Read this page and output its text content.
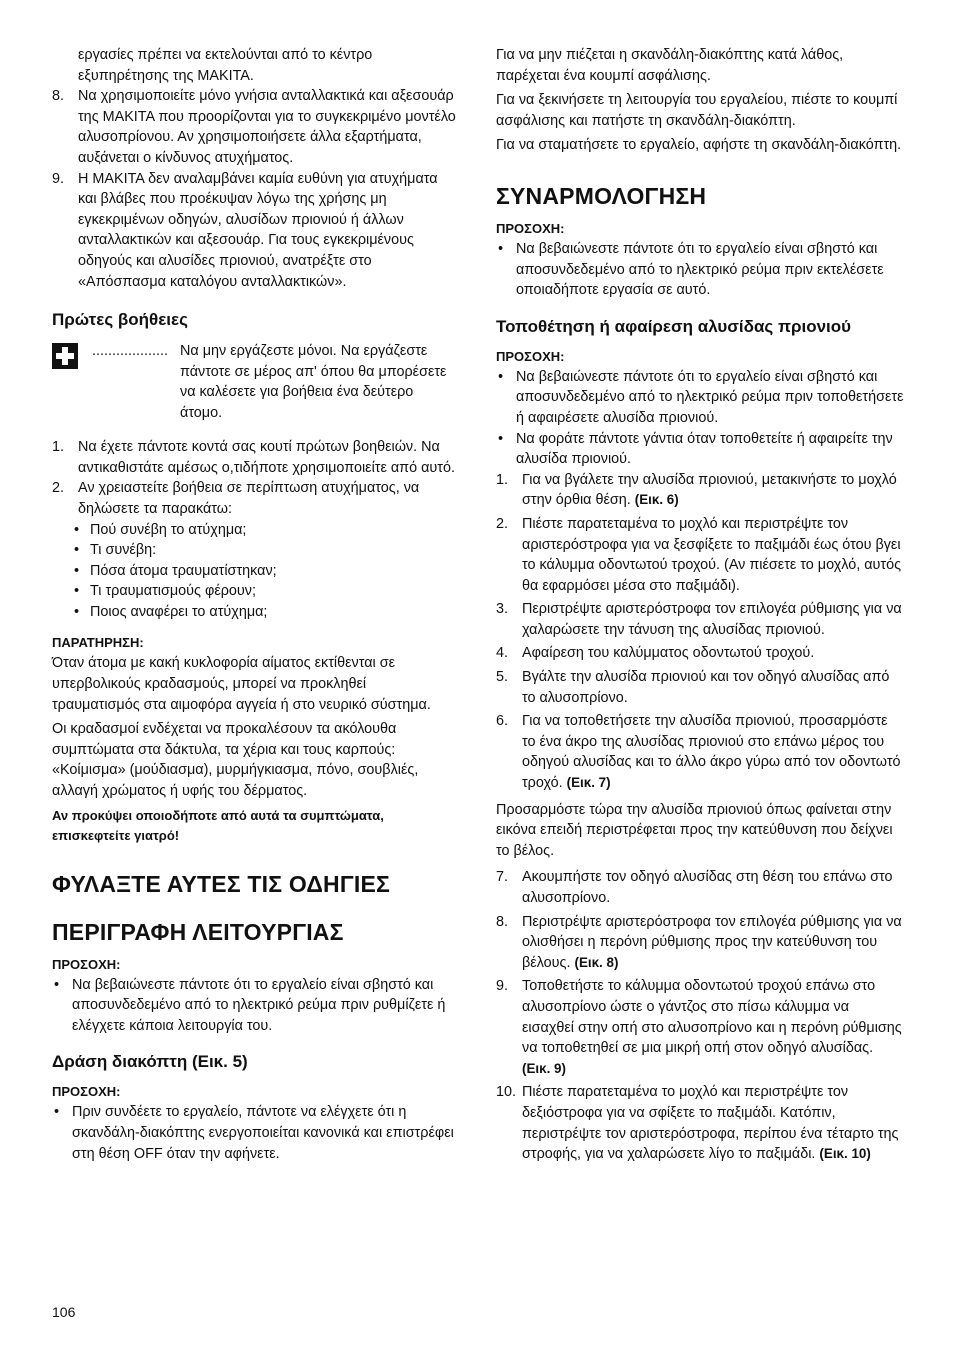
εργασίες πρέπει να εκτελούνται από το κέντρο εξυπηρέτησης της MAKITA.

8. Να χρησιμοποιείτε μόνο γνήσια ανταλλακτικά και αξεσουάρ της MAKITA που προορίζονται για το συγκεκριμένο μοντέλο αλυσοπρίονου. Αν χρησιμοποιήσετε άλλα εξαρτήματα, αυξάνεται ο κίνδυνος ατυχήματος.
9. Η MAKITA δεν αναλαμβάνει καμία ευθύνη για ατυχήματα και βλάβες που προέκυψαν λόγω της χρήσης μη εγκεκριμένων οδηγών, αλυσίδων πριονιού ή άλλων ανταλλακτικών και αξεσουάρ. Για τους εγκεκριμένους οδηγούς και αλυσίδες πριονιού, ανατρέξτε στο «Απόσπασμα καταλόγου ανταλλακτικών».
Πρώτες βοήθειες
................... Να μην εργάζεστε μόνοι. Να εργάζεστε πάντοτε σε μέρος απ' όπου θα μπορέσετε να καλέσετε για βοήθεια ένα δεύτερο άτομο.
1. Να έχετε πάντοτε κοντά σας κουτί πρώτων βοηθειών. Να αντικαθιστάτε αμέσως ο,τιδήποτε χρησιμοποιείτε από αυτό.
2. Αν χρειαστείτε βοήθεια σε περίπτωση ατυχήματος, να δηλώσετε τα παρακάτω:
• Πού συνέβη το ατύχημα;
• Τι συνέβη:
• Πόσα άτομα τραυματίστηκαν;
• Τι τραυματισμούς φέρουν;
• Ποιος αναφέρει το ατύχημα;
ΠΑΡΑΤΗΡΗΣΗ:

Όταν άτομα με κακή κυκλοφορία αίματος εκτίθενται σε υπερβολικούς κραδασμούς, μπορεί να προκληθεί τραυματισμός στα αιμοφόρα αγγεία ή στο νευρικό σύστημα.

Οι κραδασμοί ενδέχεται να προκαλέσουν τα ακόλουθα συμπτώματα στα δάκτυλα, τα χέρια και τους καρπούς: «Κοίμισμα» (μούδιασμα), μυρμήγκιασμα, πόνο, σουβλιές, αλλαγή χρώματος ή υφής του δέρματος.

Αν προκύψει οποιοδήποτε από αυτά τα συμπτώματα, επισκεφτείτε γιατρό!

ΦΥΛΑΞΤΕ ΑΥΤΕΣ ΤΙΣ ΟΔΗΓΙΕΣ
ΠΕΡΙΓΡΑΦΗ ΛΕΙΤΟΥΡΓΙΑΣ
ΠΡΟΣΟΧΗ:
• Να βεβαιώνεστε πάντοτε ότι το εργαλείο είναι σβηστό και αποσυνδεδεμένο από το ηλεκτρικό ρεύμα πριν ρυθμίζετε ή ελέγχετε κάποια λειτουργία του.
Δράση διακόπτη (Εικ. 5)
ΠΡΟΣΟΧΗ:
• Πριν συνδέετε το εργαλείο, πάντοτε να ελέγχετε ότι η σκανδάλη-διακόπτης ενεργοποιείται κανονικά και επιστρέφει στη θέση OFF όταν την αφήνετε.

Για να μην πιέζεται η σκανδάλη-διακόπτης κατά λάθος, παρέχεται ένα κουμπί ασφάλισης.

Για να ξεκινήσετε τη λειτουργία του εργαλείου, πιέστε το κουμπί ασφάλισης και πατήστε τη σκανδάλη-διακόπτη.

Για να σταματήσετε το εργαλείο, αφήστε τη σκανδάλη-διακόπτη.

ΣΥΝΑΡΜΟΛΟΓΗΣΗ
ΠΡΟΣΟΧΗ:
• Να βεβαιώνεστε πάντοτε ότι το εργαλείο είναι σβηστό και αποσυνδεδεμένο από το ηλεκτρικό ρεύμα πριν εκτελέσετε οποιαδήποτε εργασία σε αυτό.
Τοποθέτηση ή αφαίρεση αλυσίδας πριονιού
ΠΡΟΣΟΧΗ:
• Να βεβαιώνεστε πάντοτε ότι το εργαλείο είναι σβηστό και αποσυνδεδεμένο από το ηλεκτρικό ρεύμα πριν τοποθετήσετε ή αφαιρέσετε αλυσίδα πριονιού.
• Να φοράτε πάντοτε γάντια όταν τοποθετείτε ή αφαιρείτε την αλυσίδα πριονιού.
1. Για να βγάλετε την αλυσίδα πριονιού, μετακινήστε το μοχλό στην όρθια θέση. (Εικ. 6)
2. Πιέστε παρατεταμένα το μοχλό και περιστρέψτε τον αριστερόστροφα για να ξεσφίξετε το παξιμάδι έως ότου βγει το κάλυμμα οδοντωτού τροχού. (Αν πιέσετε το μοχλό, αυτός θα εφαρμόσει μέσα στο παξιμάδι).
3. Περιστρέψτε αριστερόστροφα τον επιλογέα ρύθμισης για να χαλαρώσετε την τάνυση της αλυσίδας πριονιού.
4. Αφαίρεση του καλύμματος οδοντωτού τροχού.
5. Βγάλτε την αλυσίδα πριονιού και τον οδηγό αλυσίδας από το αλυσοπρίονο.
6. Για να τοποθετήσετε την αλυσίδα πριονιού, προσαρμόστε το ένα άκρο της αλυσίδας πριονιού στο επάνω μέρος του οδηγού αλυσίδας και το άλλο άκρο γύρω από τον οδοντωτό τροχό. (Εικ. 7)

Προσαρμόστε τώρα την αλυσίδα πριονιού όπως φαίνεται στην εικόνα επειδή περιστρέφεται προς την κατεύθυνση που δείχνει το βέλος.

7. Ακουμπήστε τον οδηγό αλυσίδας στη θέση του επάνω στο αλυσοπρίονο.
8. Περιστρέψτε αριστερόστροφα τον επιλογέα ρύθμισης για να ολισθήσει η περόνη ρύθμισης προς την κατεύθυνση του βέλους. (Εικ. 8)
9. Τοποθετήστε το κάλυμμα οδοντωτού τροχού επάνω στο αλυσοπρίονο ώστε ο γάντζος στο πίσω κάλυμμα να εισαχθεί στην οπή στο αλυσοπρίονο και η περόνη ρύθμισης να τοποθετηθεί σε μια μικρή οπή στον οδηγό αλυσίδας. (Εικ. 9)
10. Πιέστε παρατεταμένα το μοχλό και περιστρέψτε τον δεξιόστροφα για να σφίξετε το παξιμάδι. Κατόπιν, περιστρέψτε τον αριστερόστροφα, περίπου ένα τέταρτο της στροφής, για να χαλαρώσετε λίγο το παξιμάδι. (Εικ. 10)
106
